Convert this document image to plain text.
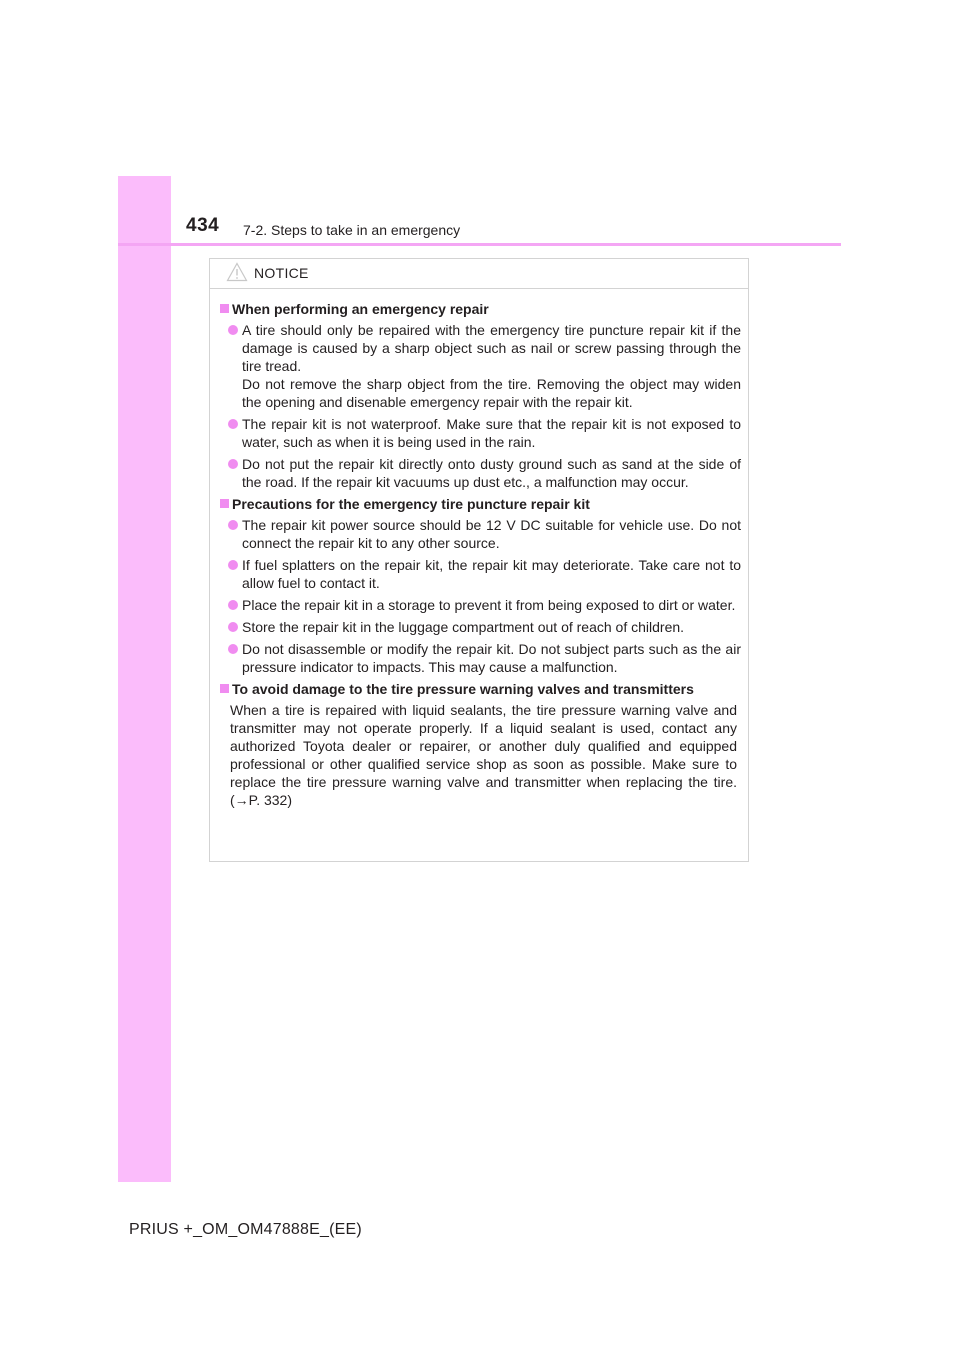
434 7-2. Steps to take in an emergency
NOTICE
When performing an emergency repair

A tire should only be repaired with the emergency tire puncture repair kit if the damage is caused by a sharp object such as nail or screw passing through the tire tread.

Do not remove the sharp object from the tire. Removing the object may widen the opening and disenable emergency repair with the repair kit.

The repair kit is not waterproof. Make sure that the repair kit is not exposed to water, such as when it is being used in the rain.

Do not put the repair kit directly onto dusty ground such as sand at the side of the road. If the repair kit vacuums up dust etc., a malfunction may occur.

Precautions for the emergency tire puncture repair kit

The repair kit power source should be 12 V DC suitable for vehicle use. Do not connect the repair kit to any other source.

If fuel splatters on the repair kit, the repair kit may deteriorate. Take care not to allow fuel to contact it.

Place the repair kit in a storage to prevent it from being exposed to dirt or water.

Store the repair kit in the luggage compartment out of reach of children.

Do not disassemble or modify the repair kit. Do not subject parts such as the air pressure indicator to impacts. This may cause a malfunction.

To avoid damage to the tire pressure warning valves and transmitters

When a tire is repaired with liquid sealants, the tire pressure warning valve and transmitter may not operate properly. If a liquid sealant is used, contact any authorized Toyota dealer or repairer, or another duly qualified and equipped professional or other qualified service shop as soon as possible. Make sure to replace the tire pressure warning valve and transmitter when replacing the tire. (→P. 332)

PRIUS +_OM_OM47888E_(EE)
